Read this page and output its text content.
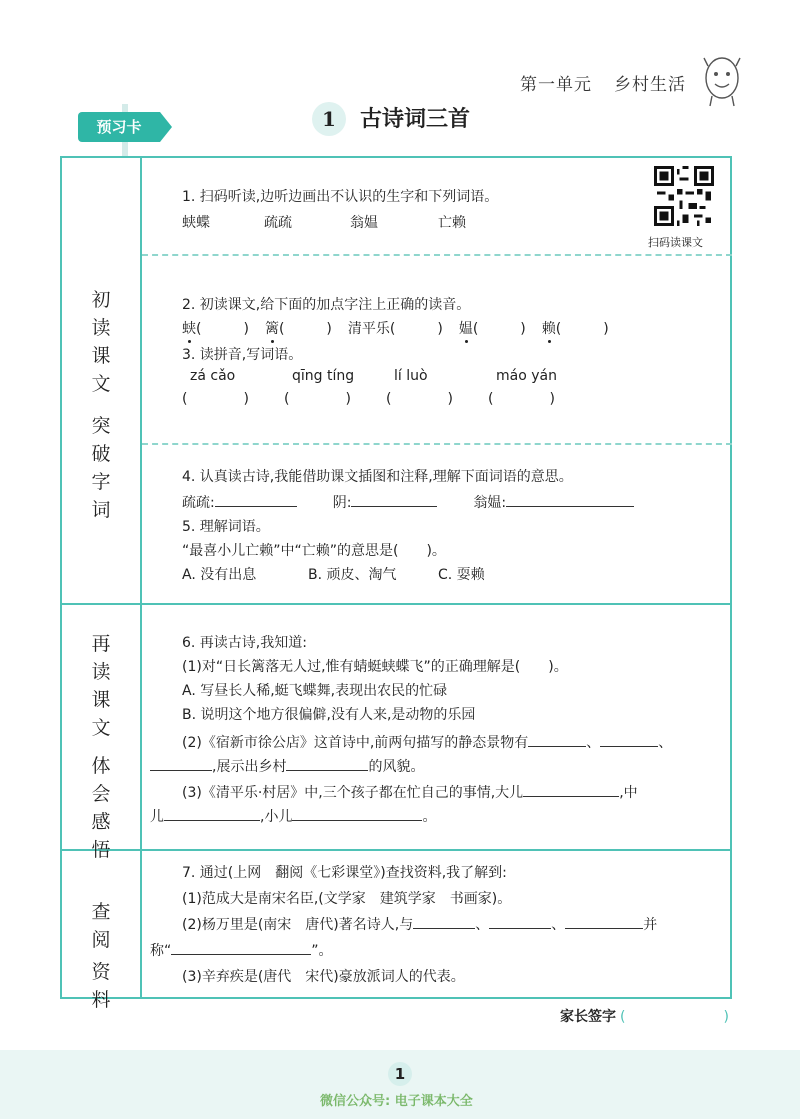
第一单元 乡村生活
预习卡	1 古诗词三首
初
读
课
文
突
破
字
词
再
读
课
文
体
会
感
悟
查阅
资料
1. 扫码听读,边听边画出不认识的生字和下列词语。
蛱蝶	疏疏	翁媪	亡赖
扫码读课文
2. 初读课文,给下面的加点字注上正确的读音。
蛱(　　　) 篱(　　　) 清平乐(　　　) 媪(　　　) 赖(　　　)
3. 读拼音,写词语。
zá cǎo	qīng tíng	lí luò	máo yán
(　　　　)	(　　　　)	(　　　　)	(　　　　)
4. 认真读古诗,我能借助课文插图和注释,理解下面词语的意思。
疏疏:	阴:	翁媪:
5. 理解词语。
“最喜小儿亡赖”中“亡赖”的意思是(　　)。
A. 没有出息	B. 顽皮、淘气	C. 耍赖
6. 再读古诗,我知道:
(1)对“日长篱落无人过,惟有蜻蜓蛱蝶飞”的正确理解是(　　)。
A. 写昼长人稀,蜓飞蝶舞,表现出农民的忙碌
B. 说明这个地方很偏僻,没有人来,是动物的乐园
(2)《宿新市徐公店》这首诗中,前两句描写的静态景物有	、	、
,展示出乡村	的风貌。
(3)《清平乐·村居》中,三个孩子都在忙自己的事情,大儿	,中
儿	,小儿	。
7. 通过(上网　翻阅《七彩课堂》)查找资料,我了解到:
(1)范成大是南宋名臣,(文学家　建筑学家　书画家)。
(2)杨万里是(南宋　唐代)著名诗人,与	、	、	并
称“	”。
(3)辛弃疾是(唐代　宋代)豪放派词人的代表。
家长签字 (　　　　　　　)
1
微信公众号: 电子课本大全
